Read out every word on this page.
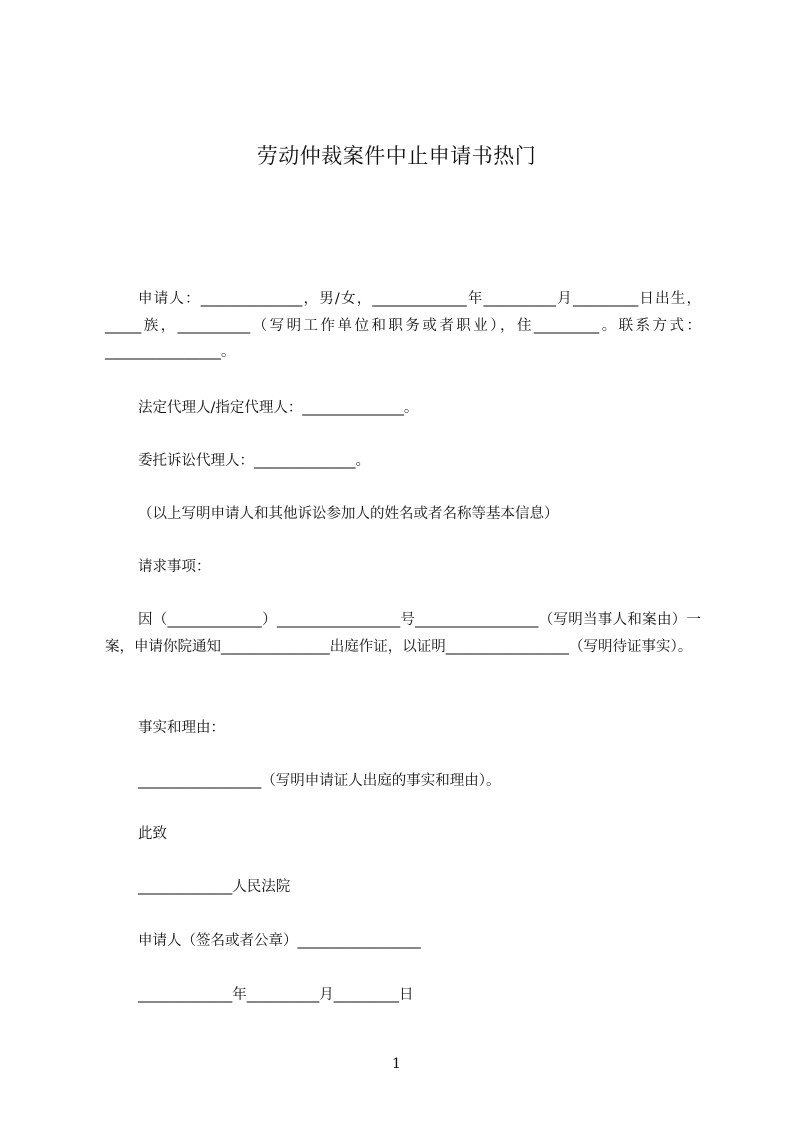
劳动仲裁案件中止申请书热门

申请人：______________，男/女，_____________年__________月_________日出生，_____族，__________（写明工作单位和职务或者职业），住_________。联系方式：________________。

法定代理人/指定代理人：______________。

委托诉讼代理人：______________。

（以上写明申请人和其他诉讼参加人的姓名或者名称等基本信息）

请求事项：

因（_____________）_________________号_________________（写明当事人和案由）一案，申请你院通知_______________出庭作证，以证明_________________（写明待证事实）。

事实和理由：

_________________（写明申请证人出庭的事实和理由）。

此致

_____________人民法院

申请人（签名或者公章）_________________

_____________年__________月_________日

1
